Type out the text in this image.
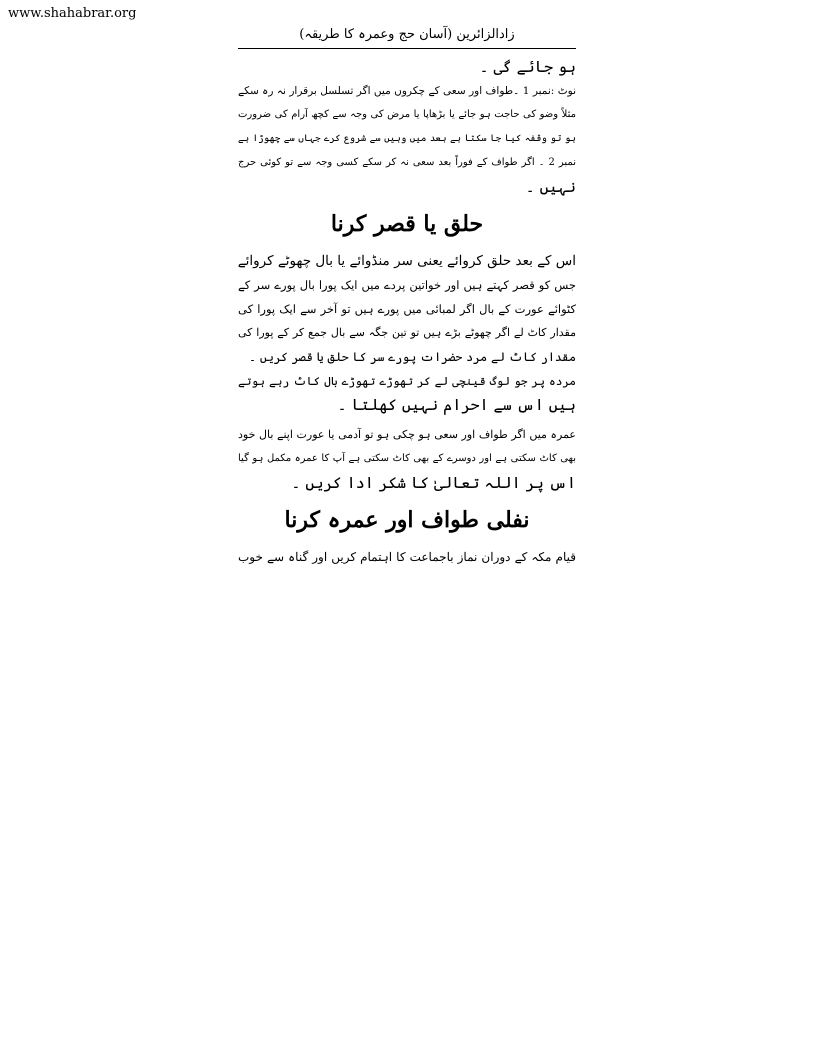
www.shahabrar.org
زادالزائرین (آسان حج وعمرہ کا طریقہ)
ہو جائے گی ۔
نوٹ :نمبر 1 ۔طواف اور سعی کے چکروں میں اگر تسلسل برقرار نہ رہ سکے
مثلاً وضو کی حاجت ہو جائے یا بڑھاپا یا مرض کی وجہ سے کچھ آرام کی ضرورت
ہو تو وقفہ کیا جا سکتا ہے بعد میں وہیں سے شروع کرے جہاں سے چھوڑا ہے
نمبر 2 ۔ اگر طواف کے فوراً بعد سعی نہ کر سکے کسی وجہ سے تو کوئی حرج
نہیں ۔
حلق یا قصر کرنا
اس کے بعد حلق کروائے یعنی سر منڈوائے یا بال چھوٹے کروائے
جس کو قصر کہتے ہیں اور خواتین پردے میں ایک پورا بال پورے سر کے
کٹوائے عورت کے بال اگر لمبائی میں پورے ہیں تو آخر سے ایک پورا کی
مقدار کاٹ لے اگر چھوٹے بڑے ہیں تو تین جگہ سے بال جمع کر کے پورا کی
مقدار کاٹ لے مرد حضرات پورے سر کا حلق یا قصر کریں ۔
مردہ پر جو لوگ قینچی لے کر تھوڑے تھوڑے بال کاٹ رہے ہوتے
ہیں اس سے احرام نہیں کھلتا ۔
عمرہ میں اگر طواف اور سعی ہو چکی ہو تو آدمی یا عورت اپنے بال خود
بھی کاٹ سکتی ہے اور دوسرے کے بھی کاٹ سکتی ہے آپ کا عمرہ مکمل ہو گیا
اس پر اللہ تعالیٰ کا شکر ادا کریں ۔
نفلی طواف اور عمرہ کرنا
قیام مکہ کے دوران نماز باجماعت کا اہتمام کریں اور گناہ سے خوب
